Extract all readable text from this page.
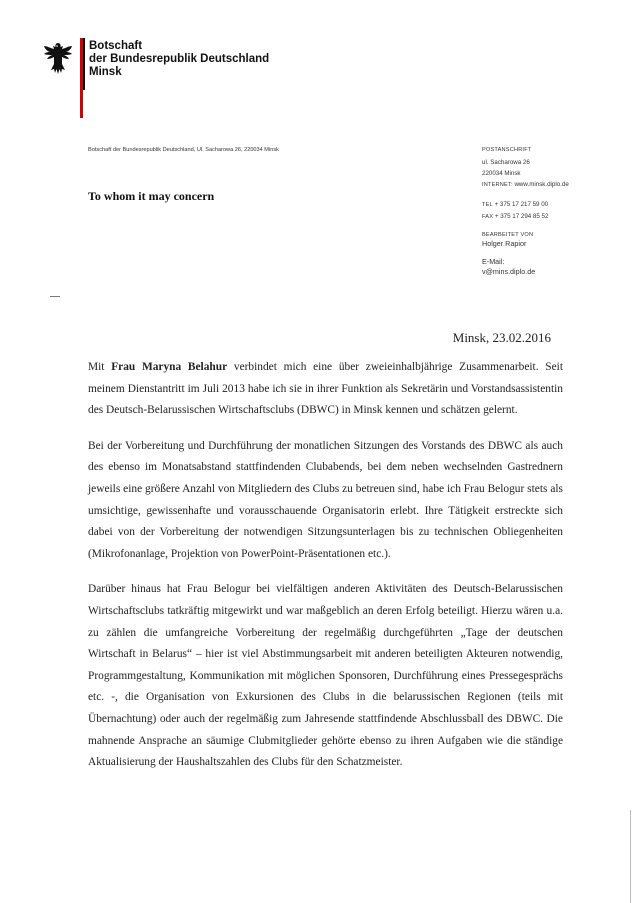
Botschaft
der Bundesrepublik Deutschland
Minsk
Botschaft der Bundesrepublik Deutschland, Ul. Sacharowa 26, 220034 Minsk	POSTANSCHRIFT
ul. Sacharowa 26
220034 Minsk
INTERNET: www.minsk.diplo.de
TEL + 375 17 217 59 00
FAX + 375 17 294 85 52
BEARBEITET VON
Holger Rapior
E-Mail:
v@mins.diplo.de
To whom it may concern
Minsk, 23.02.2016

Mit Frau Maryna Belahur verbindet mich eine über zweieinhalbjährige Zusammenarbeit. Seit meinem Dienstantritt im Juli 2013 habe ich sie in ihrer Funktion als Sekretärin und Vorstandsassistentin des Deutsch-Belarussischen Wirtschaftsclubs (DBWC) in Minsk kennen und schätzen gelernt.

Bei der Vorbereitung und Durchführung der monatlichen Sitzungen des Vorstands des DBWC als auch des ebenso im Monatsabstand stattfindenden Clubabends, bei dem neben wechselnden Gastrednern jeweils eine größere Anzahl von Mitgliedern des Clubs zu betreuen sind, habe ich Frau Belogur stets als umsichtige, gewissenhafte und vorausschauende Organisatorin erlebt. Ihre Tätigkeit erstreckte sich dabei von der Vorbereitung der notwendigen Sitzungsunterlagen bis zu technischen Obliegenheiten (Mikrofonanlage, Projektion von PowerPoint-Präsentationen etc.).

Darüber hinaus hat Frau Belogur bei vielfältigen anderen Aktivitäten des Deutsch-Belarussischen Wirtschaftsclubs tatkräftig mitgewirkt und war maßgeblich an deren Erfolg beteiligt. Hierzu wären u.a. zu zählen die umfangreiche Vorbereitung der regelmäßig durchgeführten „Tage der deutschen Wirtschaft in Belarus“ – hier ist viel Abstimmungsarbeit mit anderen beteiligten Akteuren notwendig, Programmgestaltung, Kommunikation mit möglichen Sponsoren, Durchführung eines Pressegesprächs etc. -, die Organisation von Exkursionen des Clubs in die belarussischen Regionen (teils mit Übernachtung) oder auch der regelmäßig zum Jahresende stattfindende Abschlussball des DBWC. Die mahnende Ansprache an säumige Clubmitglieder gehörte ebenso zu ihren Aufgaben wie die ständige Aktualisierung der Haushaltszahlen des Clubs für den Schatzmeister.
